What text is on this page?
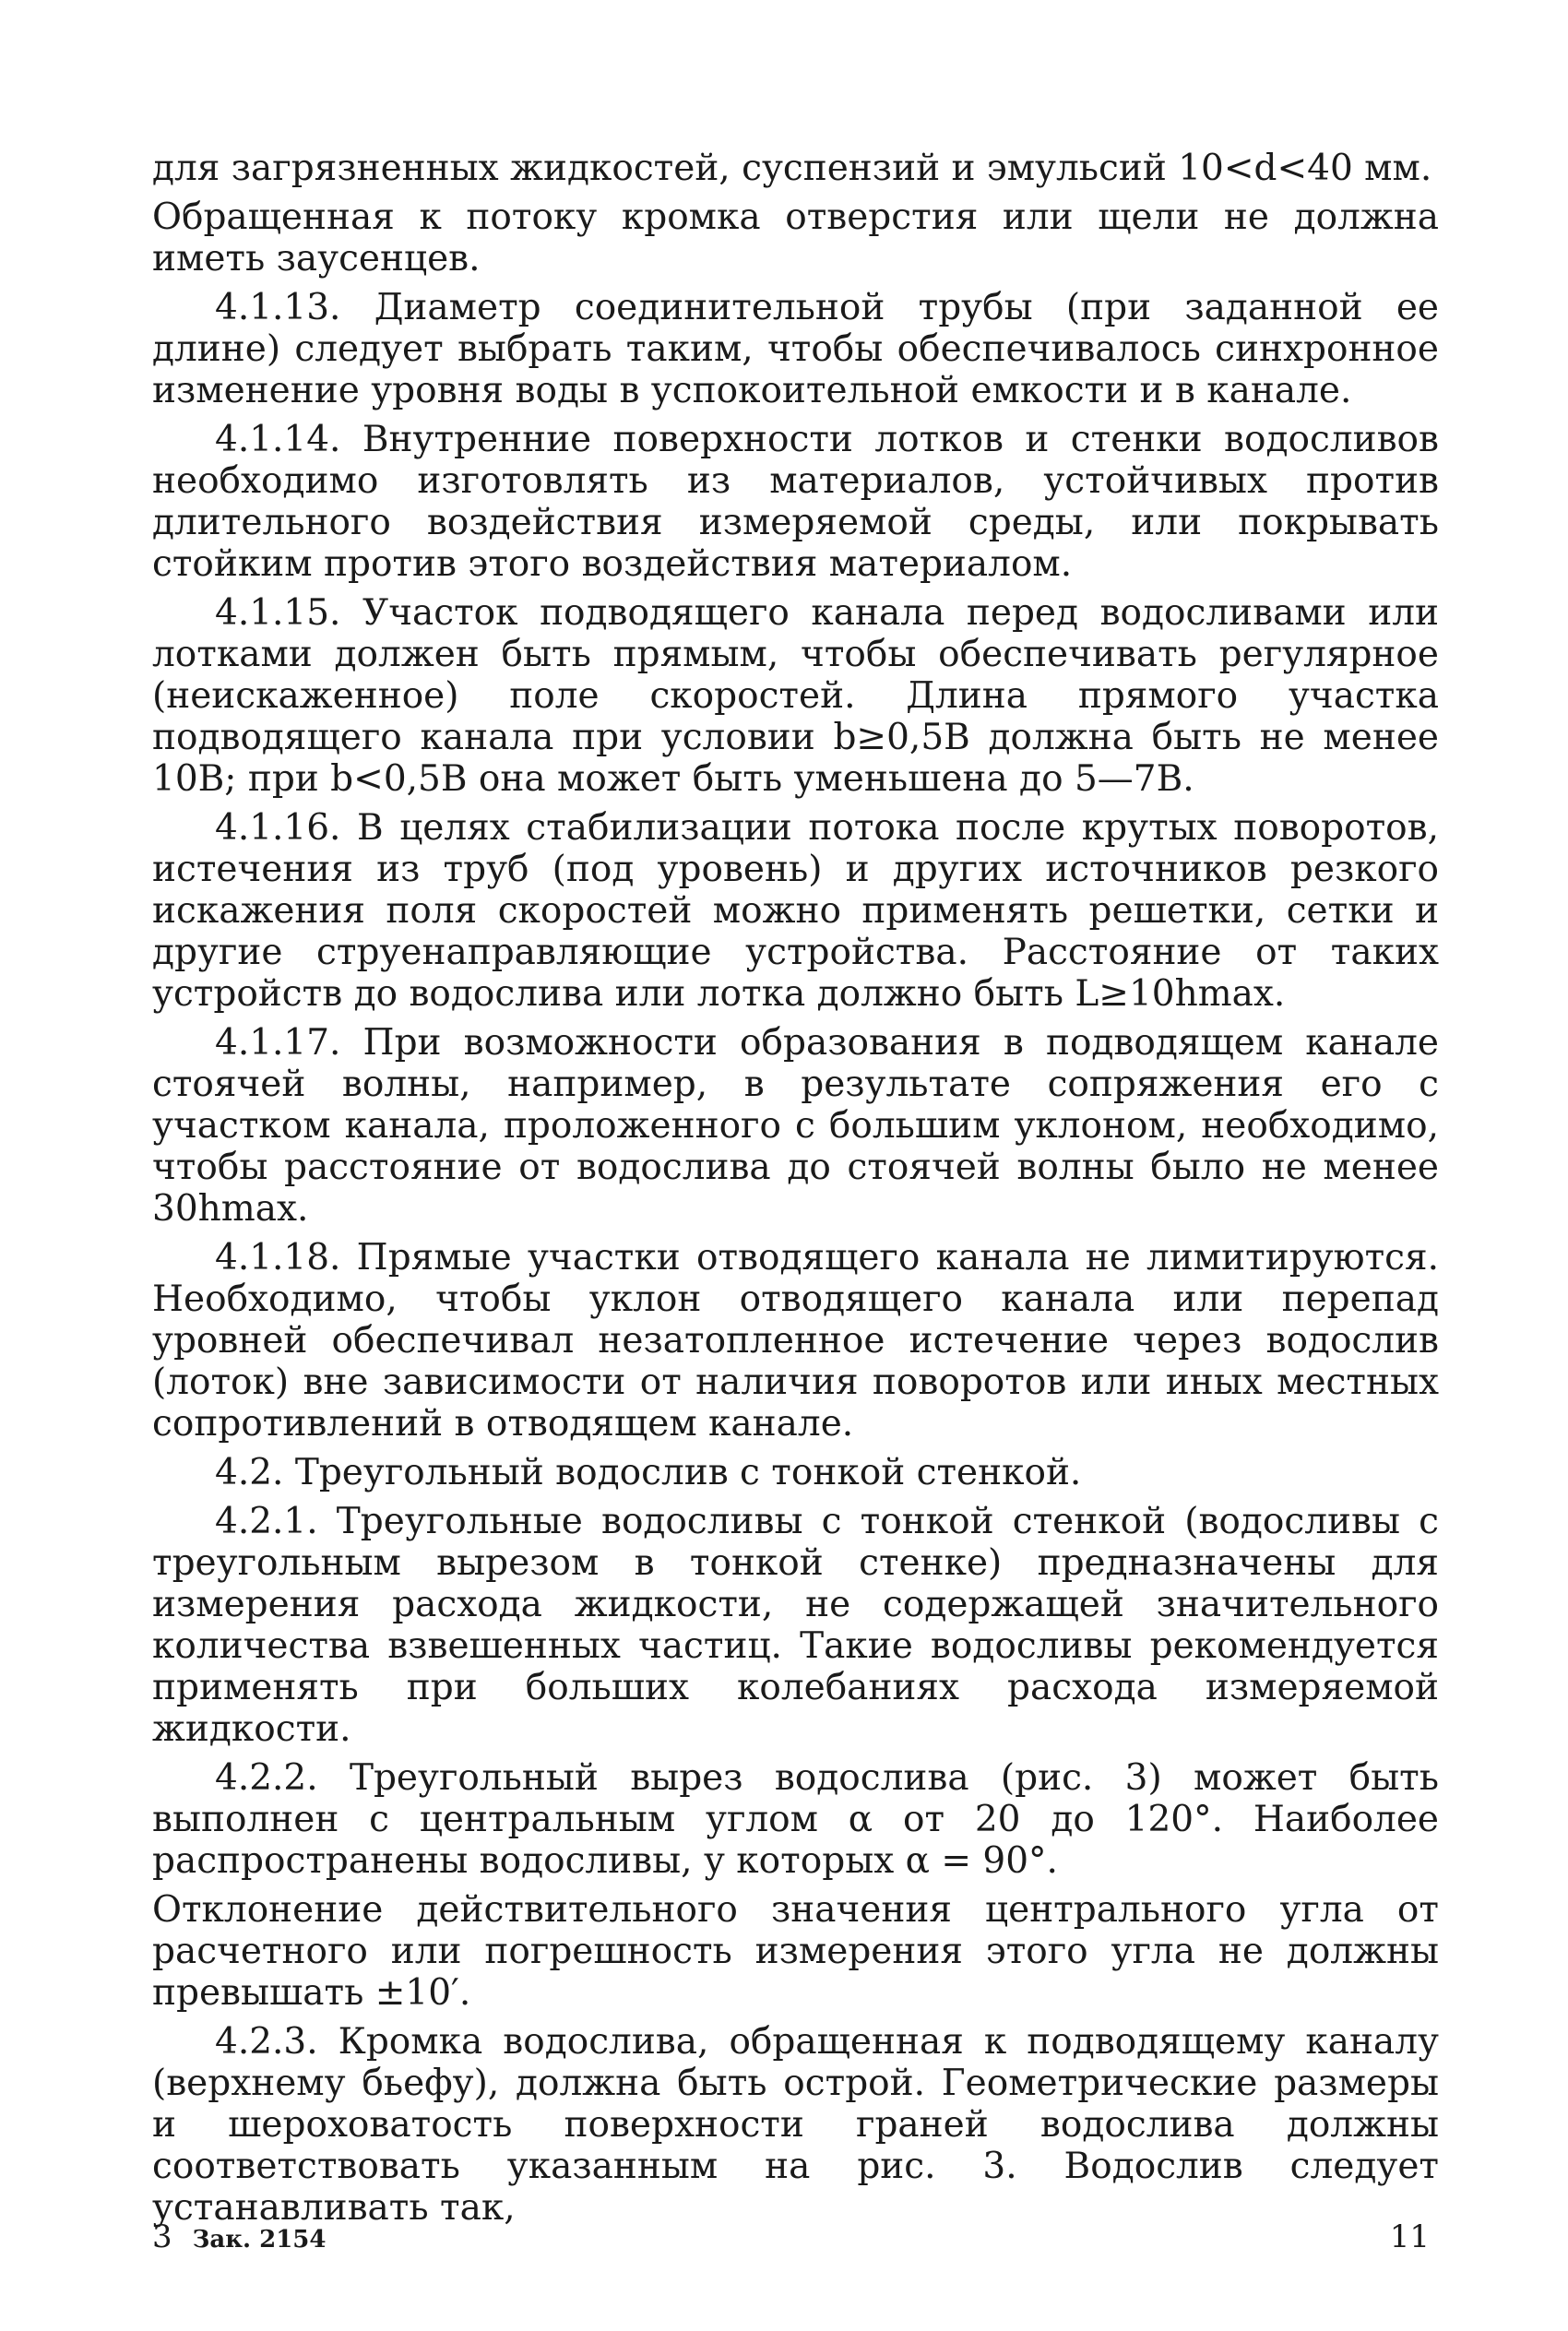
для загрязненных жидкостей, суспензий и эмульсий 10<d<40 мм.

Обращенная к потоку кромка отверстия или щели не должна иметь заусенцев.

4.1.13. Диаметр соединительной трубы (при заданной ее длине) следует выбрать таким, чтобы обеспечивалось синхронное изменение уровня воды в успокоительной емкости и в канале.

4.1.14. Внутренние поверхности лотков и стенки водосливов необходимо изготовлять из материалов, устойчивых против длительного воздействия измеряемой среды, или покрывать стойким против этого воздействия материалом.

4.1.15. Участок подводящего канала перед водосливами или лотками должен быть прямым, чтобы обеспечивать регулярное (неискаженное) поле скоростей. Длина прямого участка подводящего канала при условии b≥0,5B должна быть не менее 10B; при b<0,5B она может быть уменьшена до 5—7B.

4.1.16. В целях стабилизации потока после крутых поворотов, истечения из труб (под уровень) и других источников резкого искажения поля скоростей можно применять решетки, сетки и другие струенаправляющие устройства. Расстояние от таких устройств до водослива или лотка должно быть L≥10hmax.

4.1.17. При возможности образования в подводящем канале стоячей волны, например, в результате сопряжения его с участком канала, проложенного с большим уклоном, необходимо, чтобы расстояние от водослива до стоячей волны было не менее 30hmax.

4.1.18. Прямые участки отводящего канала не лимитируются. Необходимо, чтобы уклон отводящего канала или перепад уровней обеспечивал незатопленное истечение через водослив (лоток) вне зависимости от наличия поворотов или иных местных сопротивлений в отводящем канале.

4.2. Треугольный водослив с тонкой стенкой.

4.2.1. Треугольные водосливы с тонкой стенкой (водосливы с треугольным вырезом в тонкой стенке) предназначены для измерения расхода жидкости, не содержащей значительного количества взвешенных частиц. Такие водосливы рекомендуется применять при больших колебаниях расхода измеряемой жидкости.

4.2.2. Треугольный вырез водослива (рис. 3) может быть выполнен с центральным углом α от 20 до 120°. Наиболее распространены водосливы, у которых α = 90°.

Отклонение действительного значения центрального угла от расчетного или погрешность измерения этого угла не должны превышать ±10′.

4.2.3. Кромка водослива, обращенная к подводящему каналу (верхнему бьефу), должна быть острой. Геометрические размеры и шероховатость поверхности граней водослива должны соответствовать указанным на рис. 3. Водослив следует устанавливать так,

3 Зак. 2154	11
